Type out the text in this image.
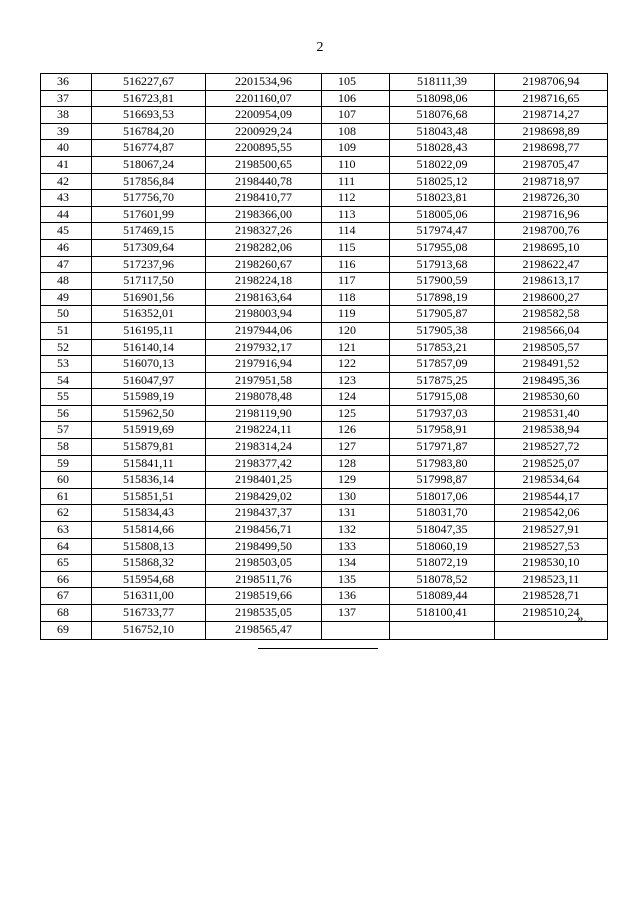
2
36	516227,67	2201534,96	105	518111,39	2198706,94
37	516723,81	2201160,07	106	518098,06	2198716,65
38	516693,53	2200954,09	107	518076,68	2198714,27
39	516784,20	2200929,24	108	518043,48	2198698,89
40	516774,87	2200895,55	109	518028,43	2198698,77
41	518067,24	2198500,65	110	518022,09	2198705,47
42	517856,84	2198440,78	111	518025,12	2198718,97
43	517756,70	2198410,77	112	518023,81	2198726,30
44	517601,99	2198366,00	113	518005,06	2198716,96
45	517469,15	2198327,26	114	517974,47	2198700,76
46	517309,64	2198282,06	115	517955,08	2198695,10
47	517237,96	2198260,67	116	517913,68	2198622,47
48	517117,50	2198224,18	117	517900,59	2198613,17
49	516901,56	2198163,64	118	517898,19	2198600,27
50	516352,01	2198003,94	119	517905,87	2198582,58
51	516195,11	2197944,06	120	517905,38	2198566,04
52	516140,14	2197932,17	121	517853,21	2198505,57
53	516070,13	2197916,94	122	517857,09	2198491,52
54	516047,97	2197951,58	123	517875,25	2198495,36
55	515989,19	2198078,48	124	517915,08	2198530,60
56	515962,50	2198119,90	125	517937,03	2198531,40
57	515919,69	2198224,11	126	517958,91	2198538,94
58	515879,81	2198314,24	127	517971,87	2198527,72
59	515841,11	2198377,42	128	517983,80	2198525,07
60	515836,14	2198401,25	129	517998,87	2198534,64
61	515851,51	2198429,02	130	518017,06	2198544,17
62	515834,43	2198437,37	131	518031,70	2198542,06
63	515814,66	2198456,71	132	518047,35	2198527,91
64	515808,13	2198499,50	133	518060,19	2198527,53
65	515868,32	2198503,05	134	518072,19	2198530,10
66	515954,68	2198511,76	135	518078,52	2198523,11
67	516311,00	2198519,66	136	518089,44	2198528,71
68	516733,77	2198535,05	137	518100,41	2198510,24
69	516752,10	2198565,47			
».
